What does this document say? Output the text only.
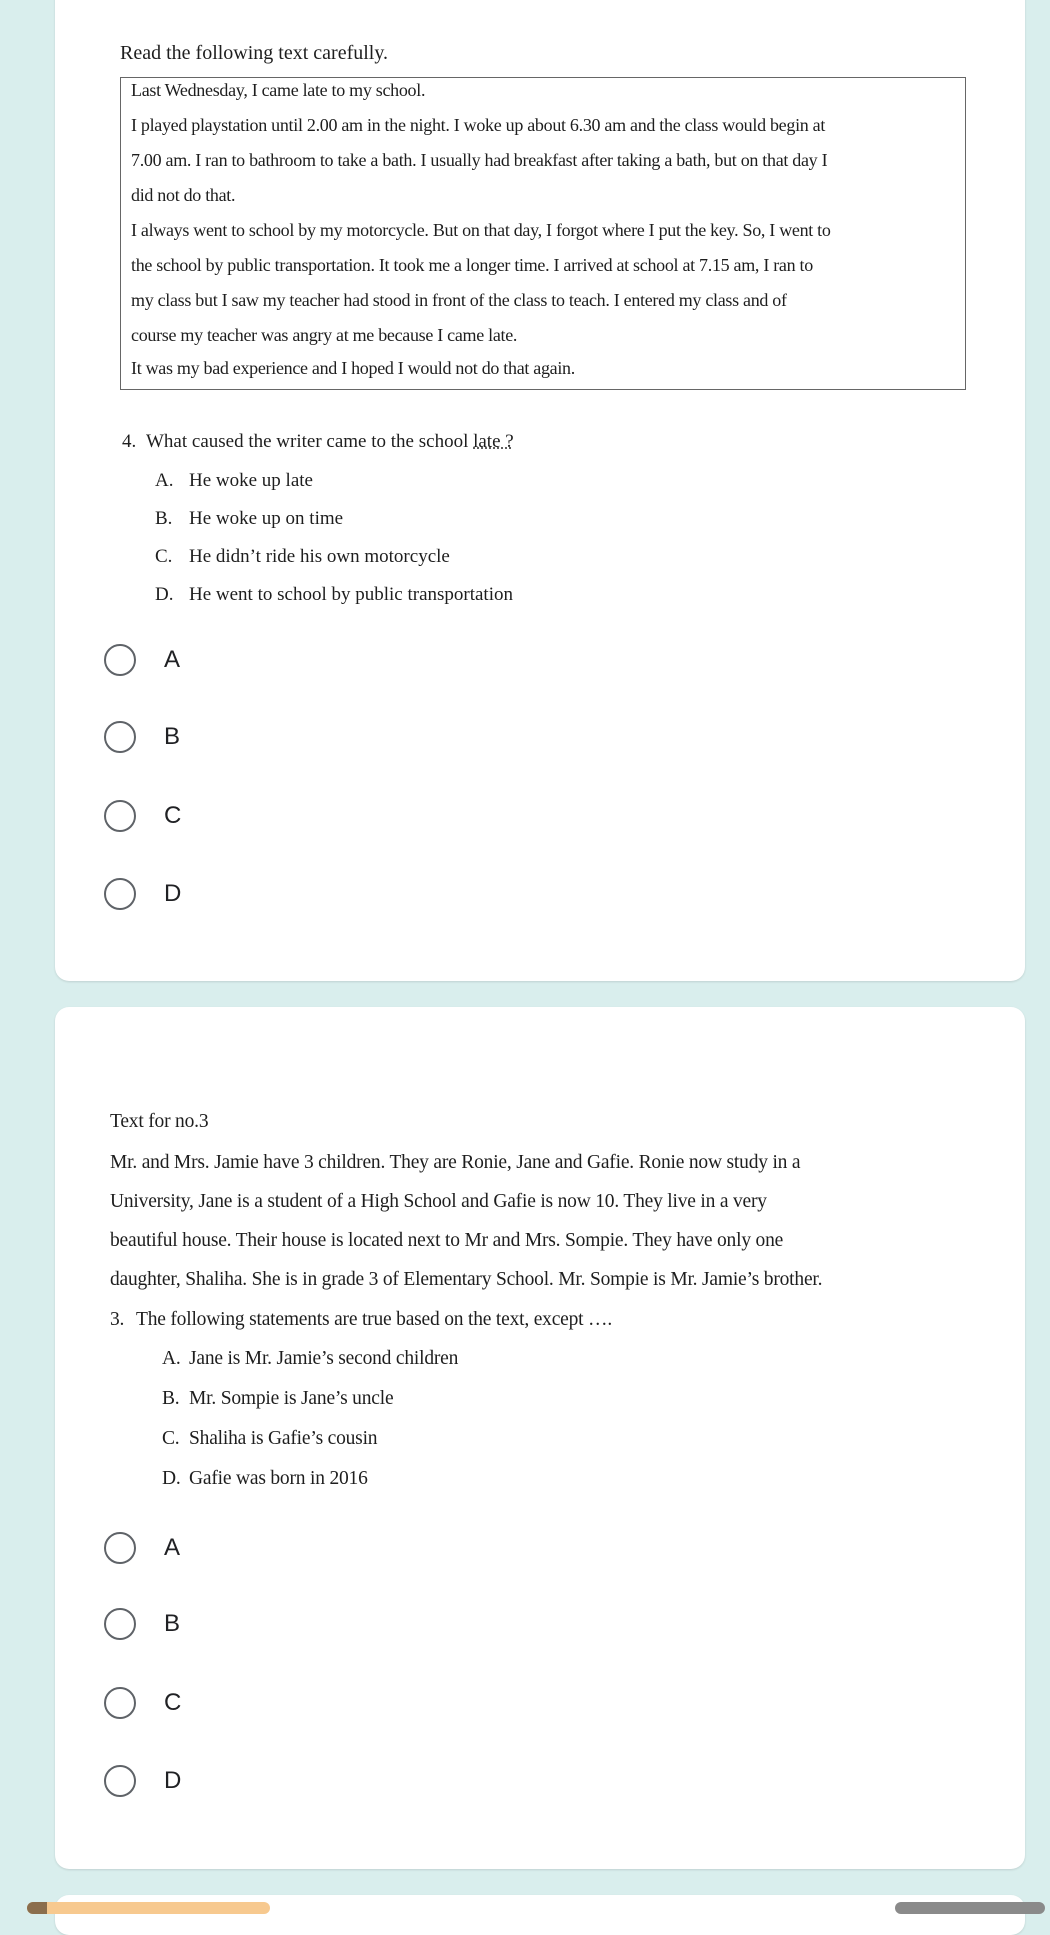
Read the following text carefully.
Last Wednesday, I came late to my school.
I played playstation until 2.00 am in the night. I woke up about 6.30 am and the class would begin at
7.00 am. I ran to bathroom to take a bath. I usually had breakfast after taking a bath, but on that day I
did not do that.
I always went to school by my motorcycle. But on that day, I forgot where I put the key. So, I went to
the school by public transportation. It took me a longer time. I arrived at school at 7.15 am, I ran to
my class but I saw my teacher had stood in front of the class to teach. I entered my class and of
course my teacher was angry at me because I came late.
It was my bad experience and I hoped I would not do that again.
4. What caused the writer came to the school late ?
A. He woke up late
B. He woke up on time
C. He didn’t ride his own motorcycle
D. He went to school by public transportation
A
B
C
D
Text for no.3
Mr. and Mrs. Jamie have 3 children. They are Ronie, Jane and Gafie. Ronie now study in a
University, Jane is a student of a High School and Gafie is now 10. They live in a very
beautiful house. Their house is located next to Mr and Mrs. Sompie. They have only one
daughter, Shaliha. She is in grade 3 of Elementary School. Mr. Sompie is Mr. Jamie’s brother.
3. The following statements are true based on the text, except ….
A. Jane is Mr. Jamie’s second children
B. Mr. Sompie is Jane’s uncle
C. Shaliha is Gafie’s cousin
D. Gafie was born in 2016
A
B
C
D
